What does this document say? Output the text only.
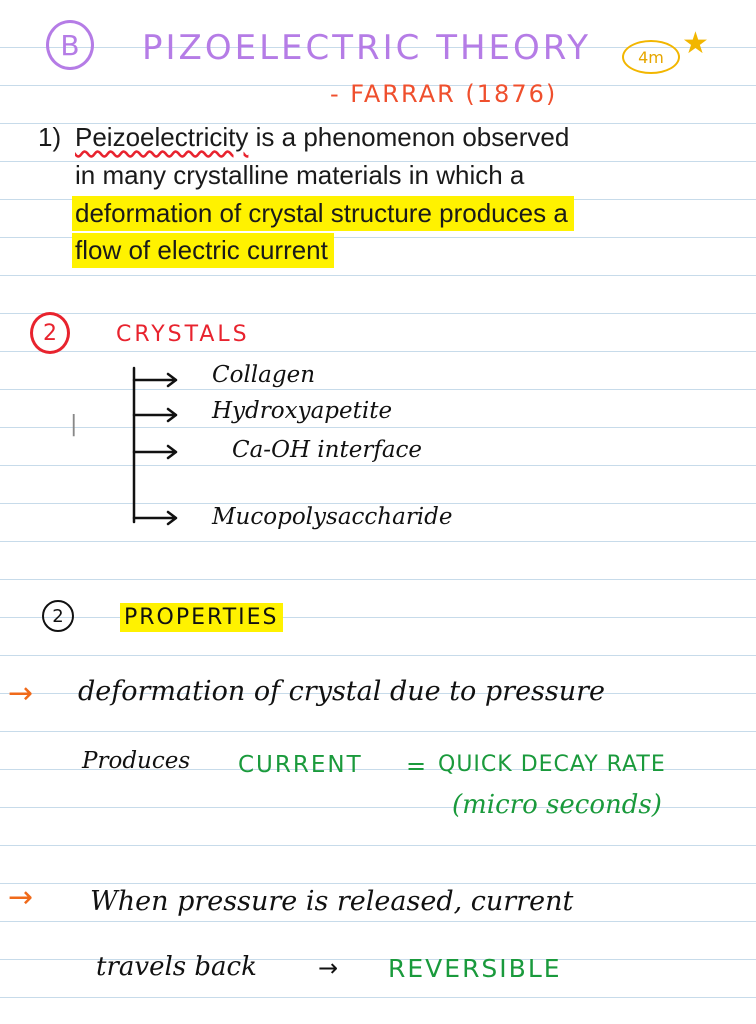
B PIZOELECTRIC THEORY	4m ★
- FARRAR (1876)
1) Peizoelectricity is a phenomenon observed
in many crystalline materials in which a
deformation of crystal structure produces a
flow of electric current
2	CRYSTALS
Collagen
Hydroxyapetite
Ca-OH interface
Mucopolysaccharide
|
2	PROPERTIES
→ deformation of crystal due to pressure
Produces CURRENT = QUICK DECAY RATE
(micro seconds)
→ When pressure is released, current
travels back	→ REVERSIBLE
